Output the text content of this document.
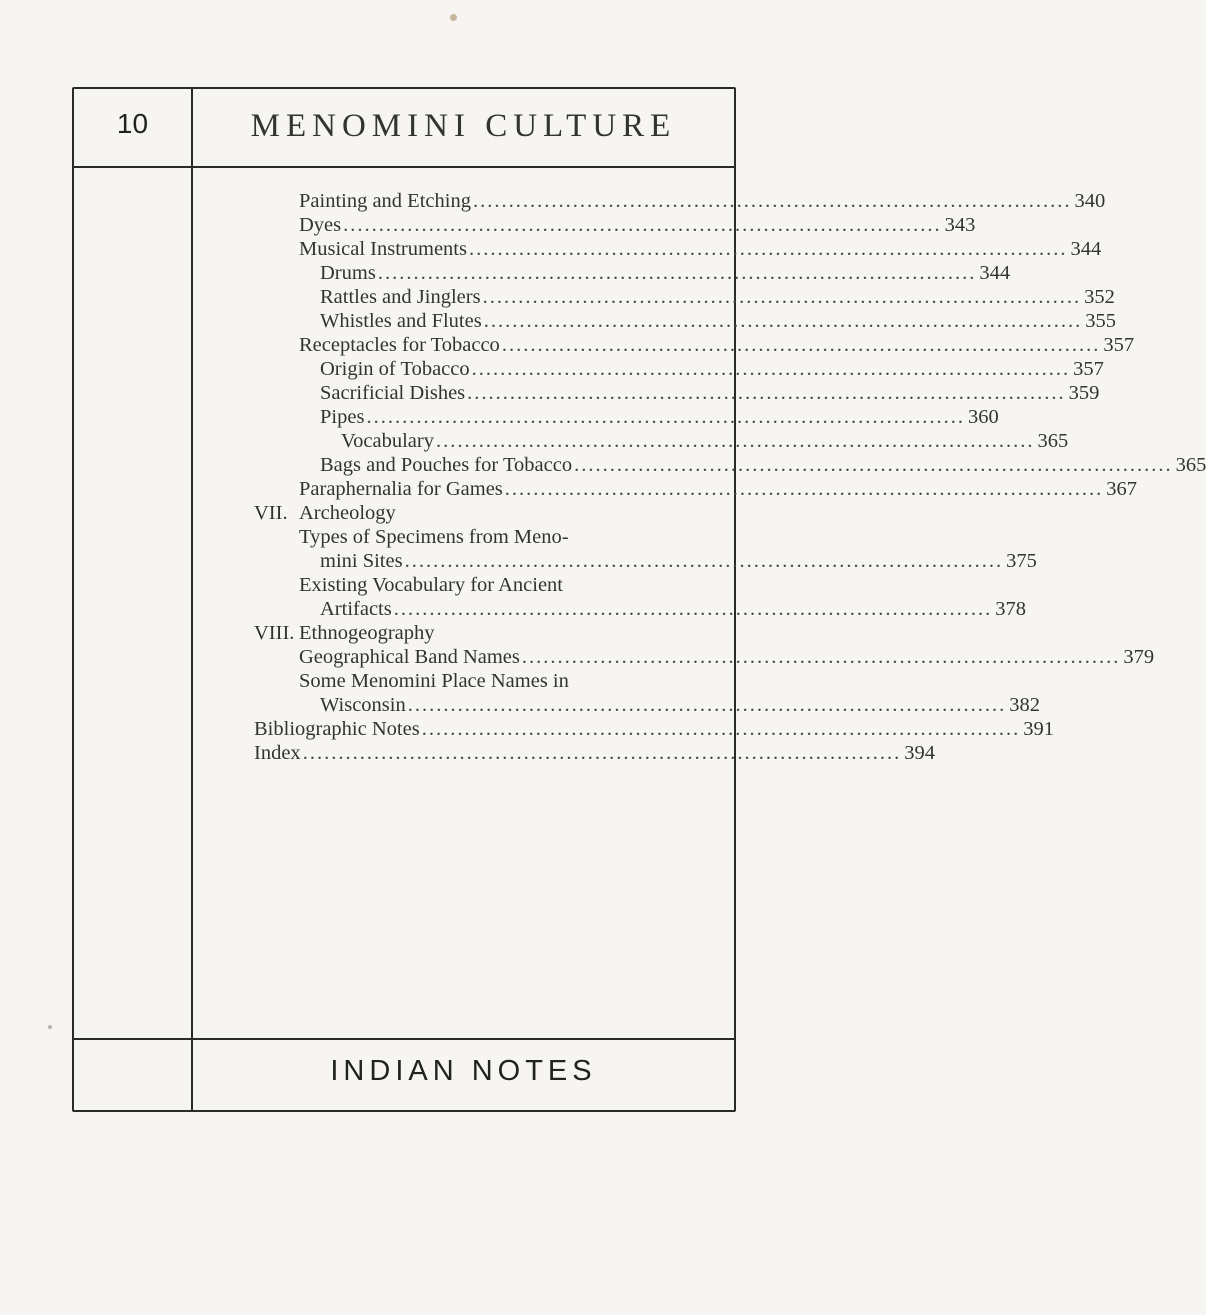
10	MENOMINI CULTURE
Painting and Etching .................................................................................... 340
Dyes .................................................................................... 343
Musical Instruments .................................................................................... 344
Drums .................................................................................... 344
Rattles and Jinglers .................................................................................... 352
Whistles and Flutes .................................................................................... 355
Receptacles for Tobacco .................................................................................... 357
Origin of Tobacco .................................................................................... 357
Sacrificial Dishes .................................................................................... 359
Pipes .................................................................................... 360
Vocabulary .................................................................................... 365
Bags and Pouches for Tobacco .................................................................................... 365
Paraphernalia for Games .................................................................................... 367
VII. Archeology
Types of Specimens from Meno-
mini Sites .................................................................................... 375
Existing Vocabulary for Ancient
Artifacts .................................................................................... 378
VIII. Ethnogeography
Geographical Band Names .................................................................................... 379
Some Menomini Place Names in
Wisconsin .................................................................................... 382
Bibliographic Notes .................................................................................... 391
Index .................................................................................... 394
INDIAN NOTES
